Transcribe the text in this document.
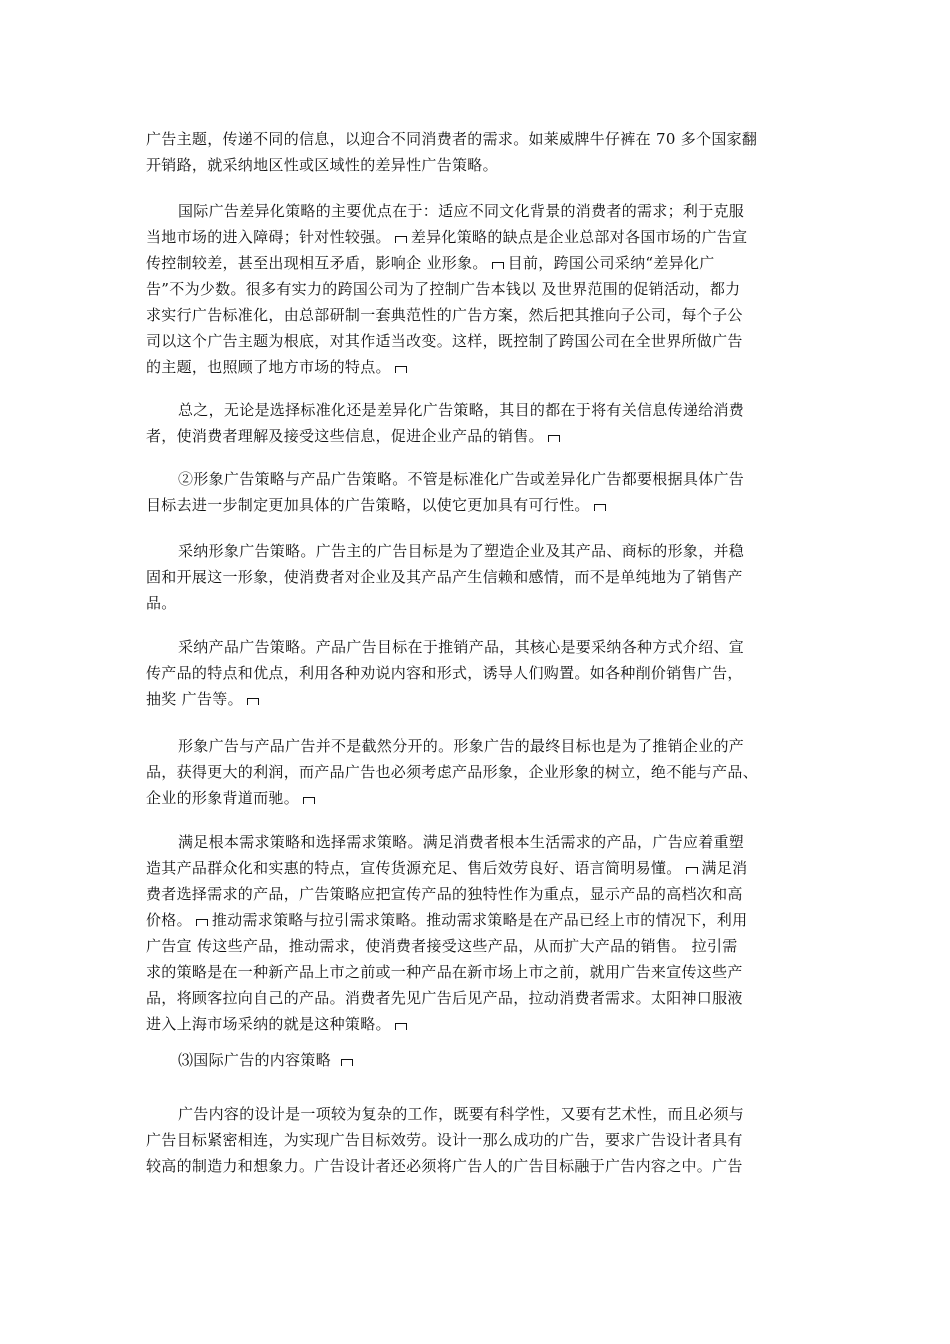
广告主题，传递不同的信息，以迎合不同消费者的需求。如莱威牌牛仔裤在 70 多个国家翻
开销路，就采纳地区性或区域性的差异性广告策略。

国际广告差异化策略的主要优点在于：适应不同文化背景的消费者的需求；利于克服
当地市场的进入障碍；针对性较强。 差异化策略的缺点是企业总部对各国市场的广告宣
传控制较差，甚至出现相互矛盾，影响企 业形象。 目前，跨国公司采纳“差异化广
告”不为少数。很多有实力的跨国公司为了控制广告本钱以 及世界范围的促销活动，都力
求实行广告标准化，由总部研制一套典范性的广告方案，然后把其推向子公司，每个子公
司以这个广告主题为根底，对其作适当改变。这样，既控制了跨国公司在全世界所做广告
的主题，也照顾了地方市场的特点。

总之，无论是选择标准化还是差异化广告策略，其目的都在于将有关信息传递给消费
者，使消费者理解及接受这些信息，促进企业产品的销售。

②形象广告策略与产品广告策略。不管是标准化广告或差异化广告都要根据具体广告
目标去进一步制定更加具体的广告策略，以使它更加具有可行性。

采纳形象广告策略。广告主的广告目标是为了塑造企业及其产品、商标的形象，并稳
固和开展这一形象，使消费者对企业及其产品产生信赖和感情，而不是单纯地为了销售产
品。

采纳产品广告策略。产品广告目标在于推销产品，其核心是要采纳各种方式介绍、宣
传产品的特点和优点，利用各种劝说内容和形式，诱导人们购置。如各种削价销售广告，
抽奖 广告等。

形象广告与产品广告并不是截然分开的。形象广告的最终目标也是为了推销企业的产
品，获得更大的利润，而产品广告也必须考虑产品形象，企业形象的树立，绝不能与产品、
企业的形象背道而驰。

满足根本需求策略和选择需求策略。满足消费者根本生活需求的产品，广告应着重塑
造其产品群众化和实惠的特点，宣传货源充足、售后效劳良好、语言简明易懂。 满足消
费者选择需求的产品，广告策略应把宣传产品的独特性作为重点，显示产品的高档次和高
价格。 推动需求策略与拉引需求策略。推动需求策略是在产品已经上市的情况下，利用
广告宣 传这些产品，推动需求，使消费者接受这些产品，从而扩大产品的销售。 拉引需
求的策略是在一种新产品上市之前或一种产品在新市场上市之前，就用广告来宣传这些产
品，将顾客拉向自己的产品。消费者先见广告后见产品，拉动消费者需求。太阳神口服液
进入上海市场采纳的就是这种策略。

⑶国际广告的内容策略

广告内容的设计是一项较为复杂的工作，既要有科学性，又要有艺术性，而且必须与
广告目标紧密相连，为实现广告目标效劳。设计一那么成功的广告，要求广告设计者具有
较高的制造力和想象力。广告设计者还必须将广告人的广告目标融于广告内容之中。广告
